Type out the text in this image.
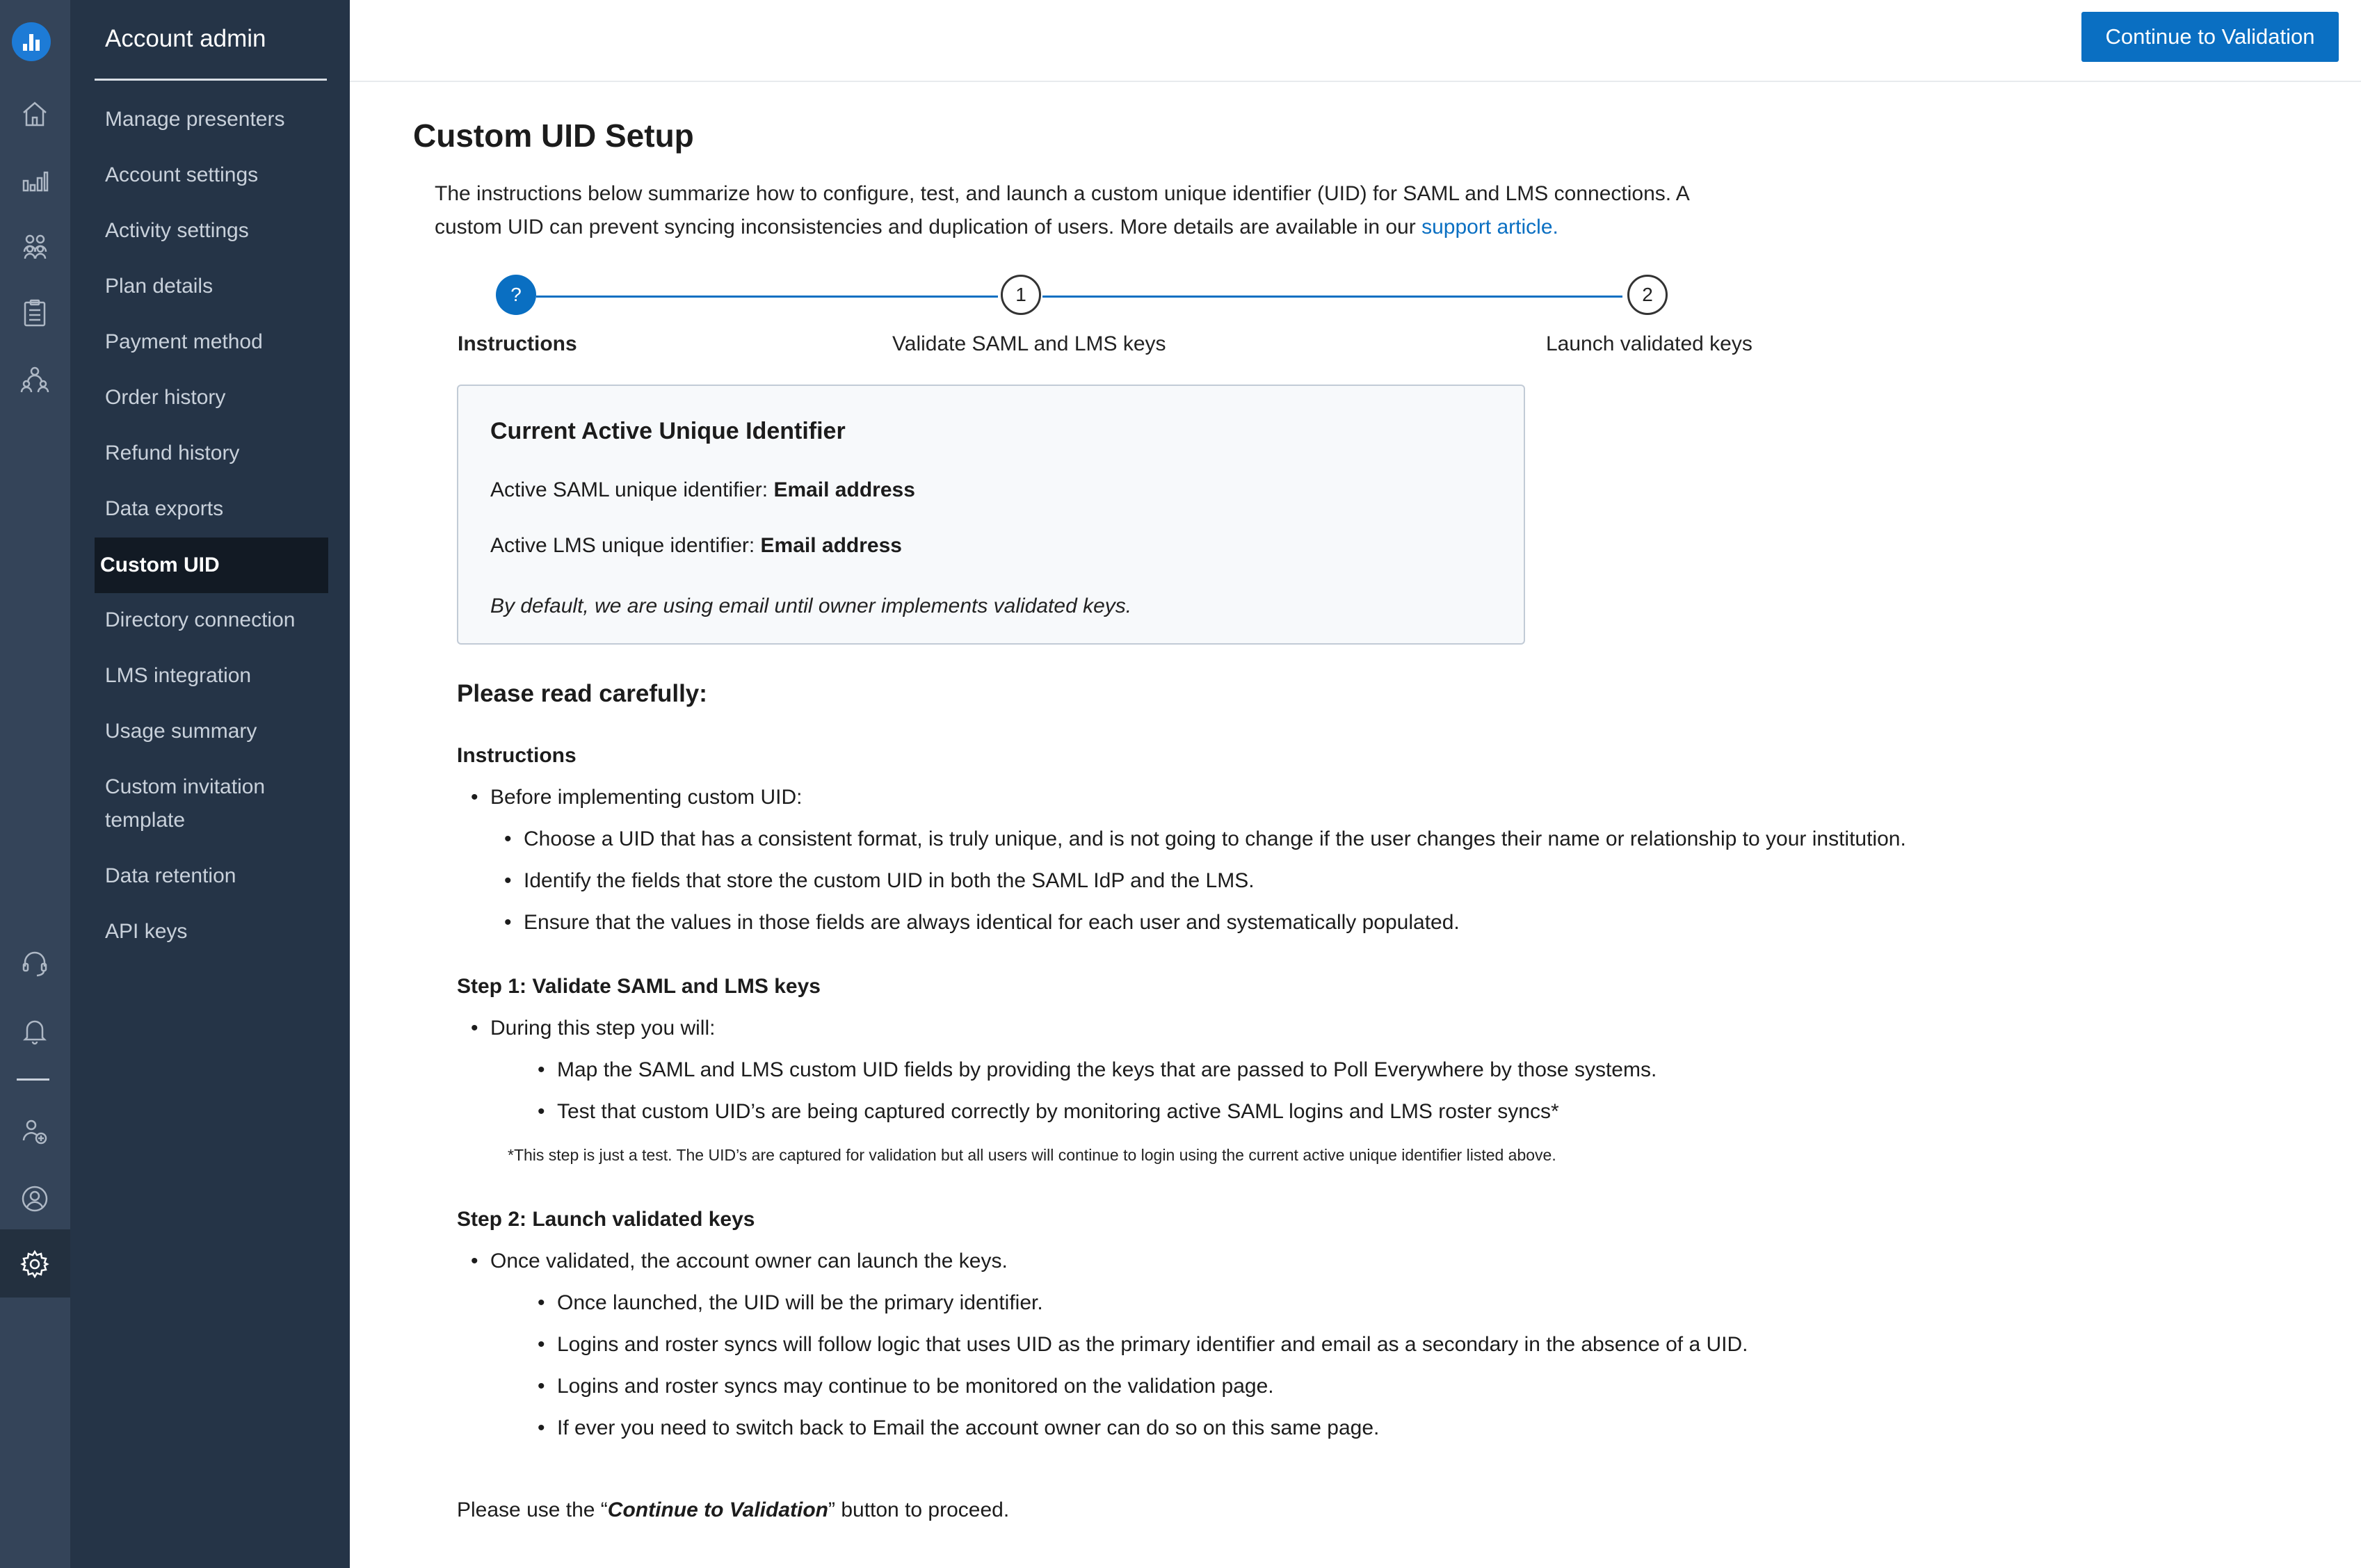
Account admin
Manage presenters
Account settings
Activity settings
Plan details
Payment method
Order history
Refund history
Data exports
Custom UID
Directory connection
LMS integration
Usage summary
Custom invitation
template
Data retention
API keys
Continue to Validation
Custom UID Setup
The instructions below summarize how to configure, test, and launch a custom unique identifier (UID) for SAML and LMS connections. A
custom UID can prevent syncing inconsistencies and duplication of users. More details are available in our support article.
?	1	2
Instructions	Validate SAML and LMS keys	Launch validated keys
Current Active Unique Identifier
Active SAML unique identifier: Email address
Active LMS unique identifier: Email address
By default, we are using email until owner implements validated keys.
Please read carefully:
Instructions
• Before implementing custom UID:
• Choose a UID that has a consistent format, is truly unique, and is not going to change if the user changes their name or relationship to your institution.
• Identify the fields that store the custom UID in both the SAML IdP and the LMS.
• Ensure that the values in those fields are always identical for each user and systematically populated.
Step 1: Validate SAML and LMS keys
• During this step you will:
• Map the SAML and LMS custom UID fields by providing the keys that are passed to Poll Everywhere by those systems.
• Test that custom UID’s are being captured correctly by monitoring active SAML logins and LMS roster syncs*
*This step is just a test. The UID’s are captured for validation but all users will continue to login using the current active unique identifier listed above.
Step 2: Launch validated keys
• Once validated, the account owner can launch the keys.
• Once launched, the UID will be the primary identifier.
• Logins and roster syncs will follow logic that uses UID as the primary identifier and email as a secondary in the absence of a UID.
• Logins and roster syncs may continue to be monitored on the validation page.
• If ever you need to switch back to Email the account owner can do so on this same page.
Please use the “Continue to Validation” button to proceed.
